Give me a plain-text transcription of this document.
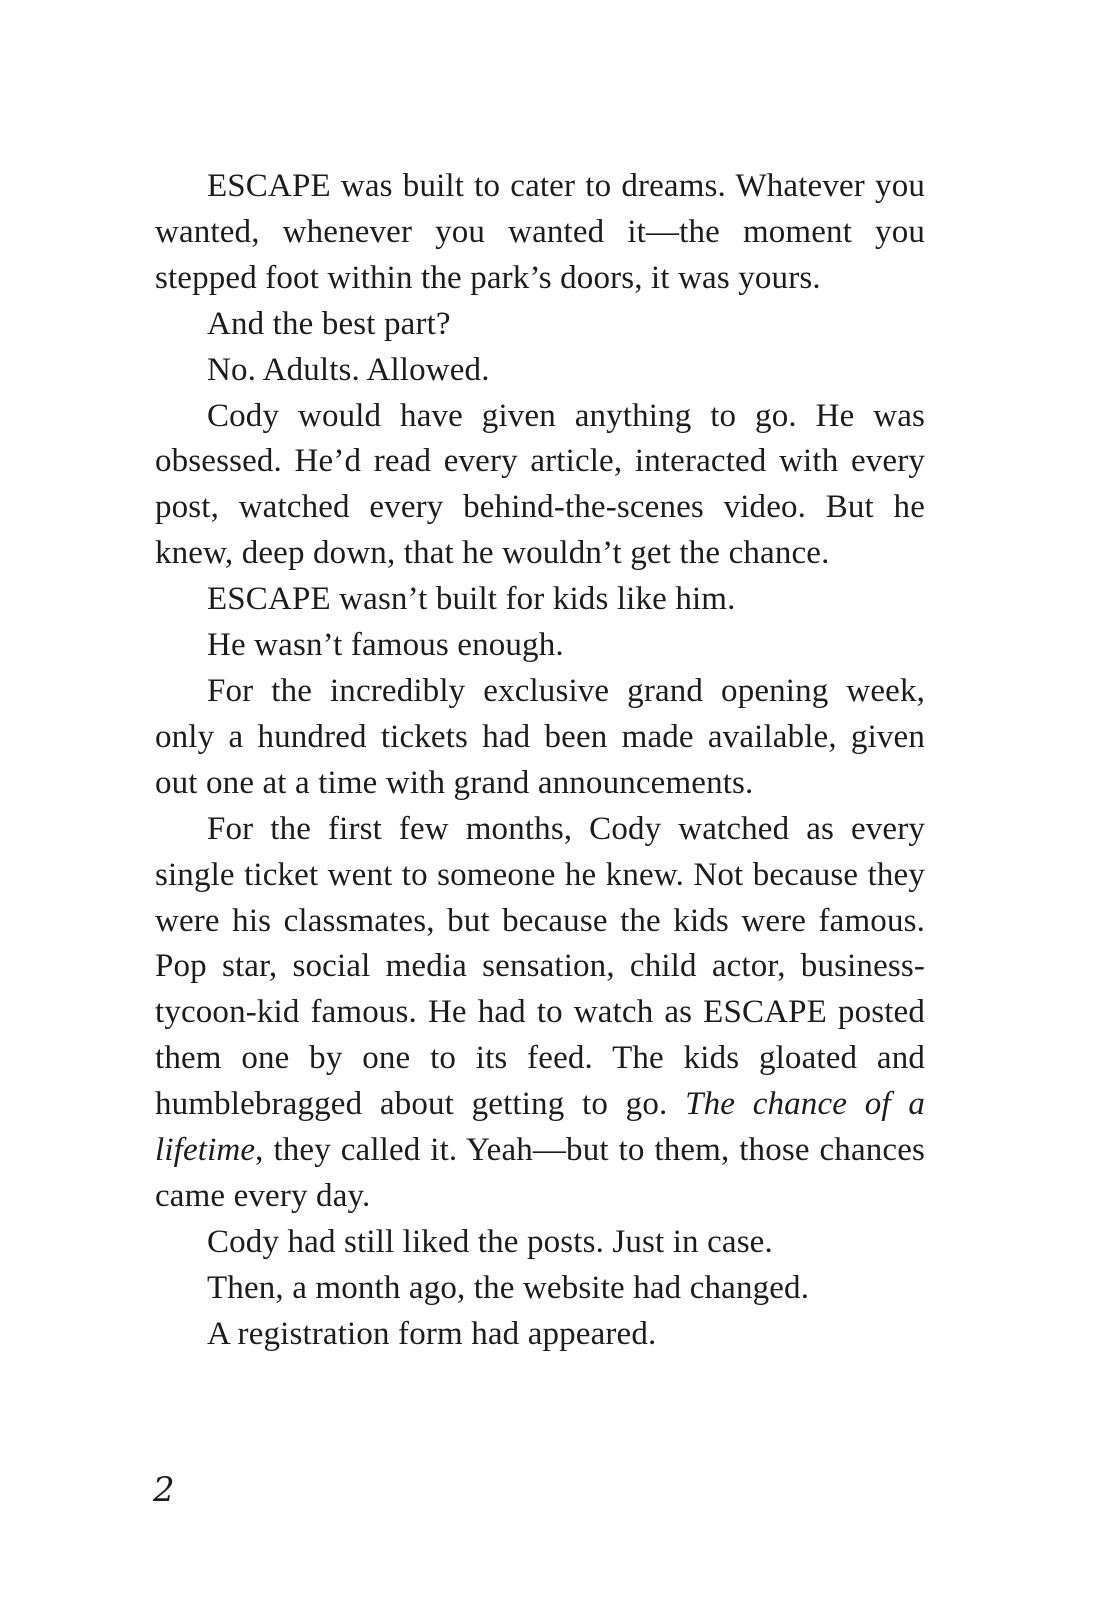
ESCAPE was built to cater to dreams. Whatever you wanted, whenever you wanted it—the moment you stepped foot within the park’s doors, it was yours.

And the best part?

No. Adults. Allowed.

Cody would have given anything to go. He was obsessed. He’d read every article, interacted with every post, watched every behind-the-scenes video. But he knew, deep down, that he wouldn’t get the chance.

ESCAPE wasn’t built for kids like him.

He wasn’t famous enough.

For the incredibly exclusive grand opening week, only a hundred tickets had been made available, given out one at a time with grand announcements.

For the first few months, Cody watched as every single ticket went to someone he knew. Not because they were his classmates, but because the kids were famous. Pop star, social media sensation, child actor, business-tycoon-kid famous. He had to watch as ESCAPE posted them one by one to its feed. The kids gloated and humblebragged about getting to go. The chance of a lifetime, they called it. Yeah—but to them, those chances came every day.

Cody had still liked the posts. Just in case.

Then, a month ago, the website had changed.

A registration form had appeared.

2
